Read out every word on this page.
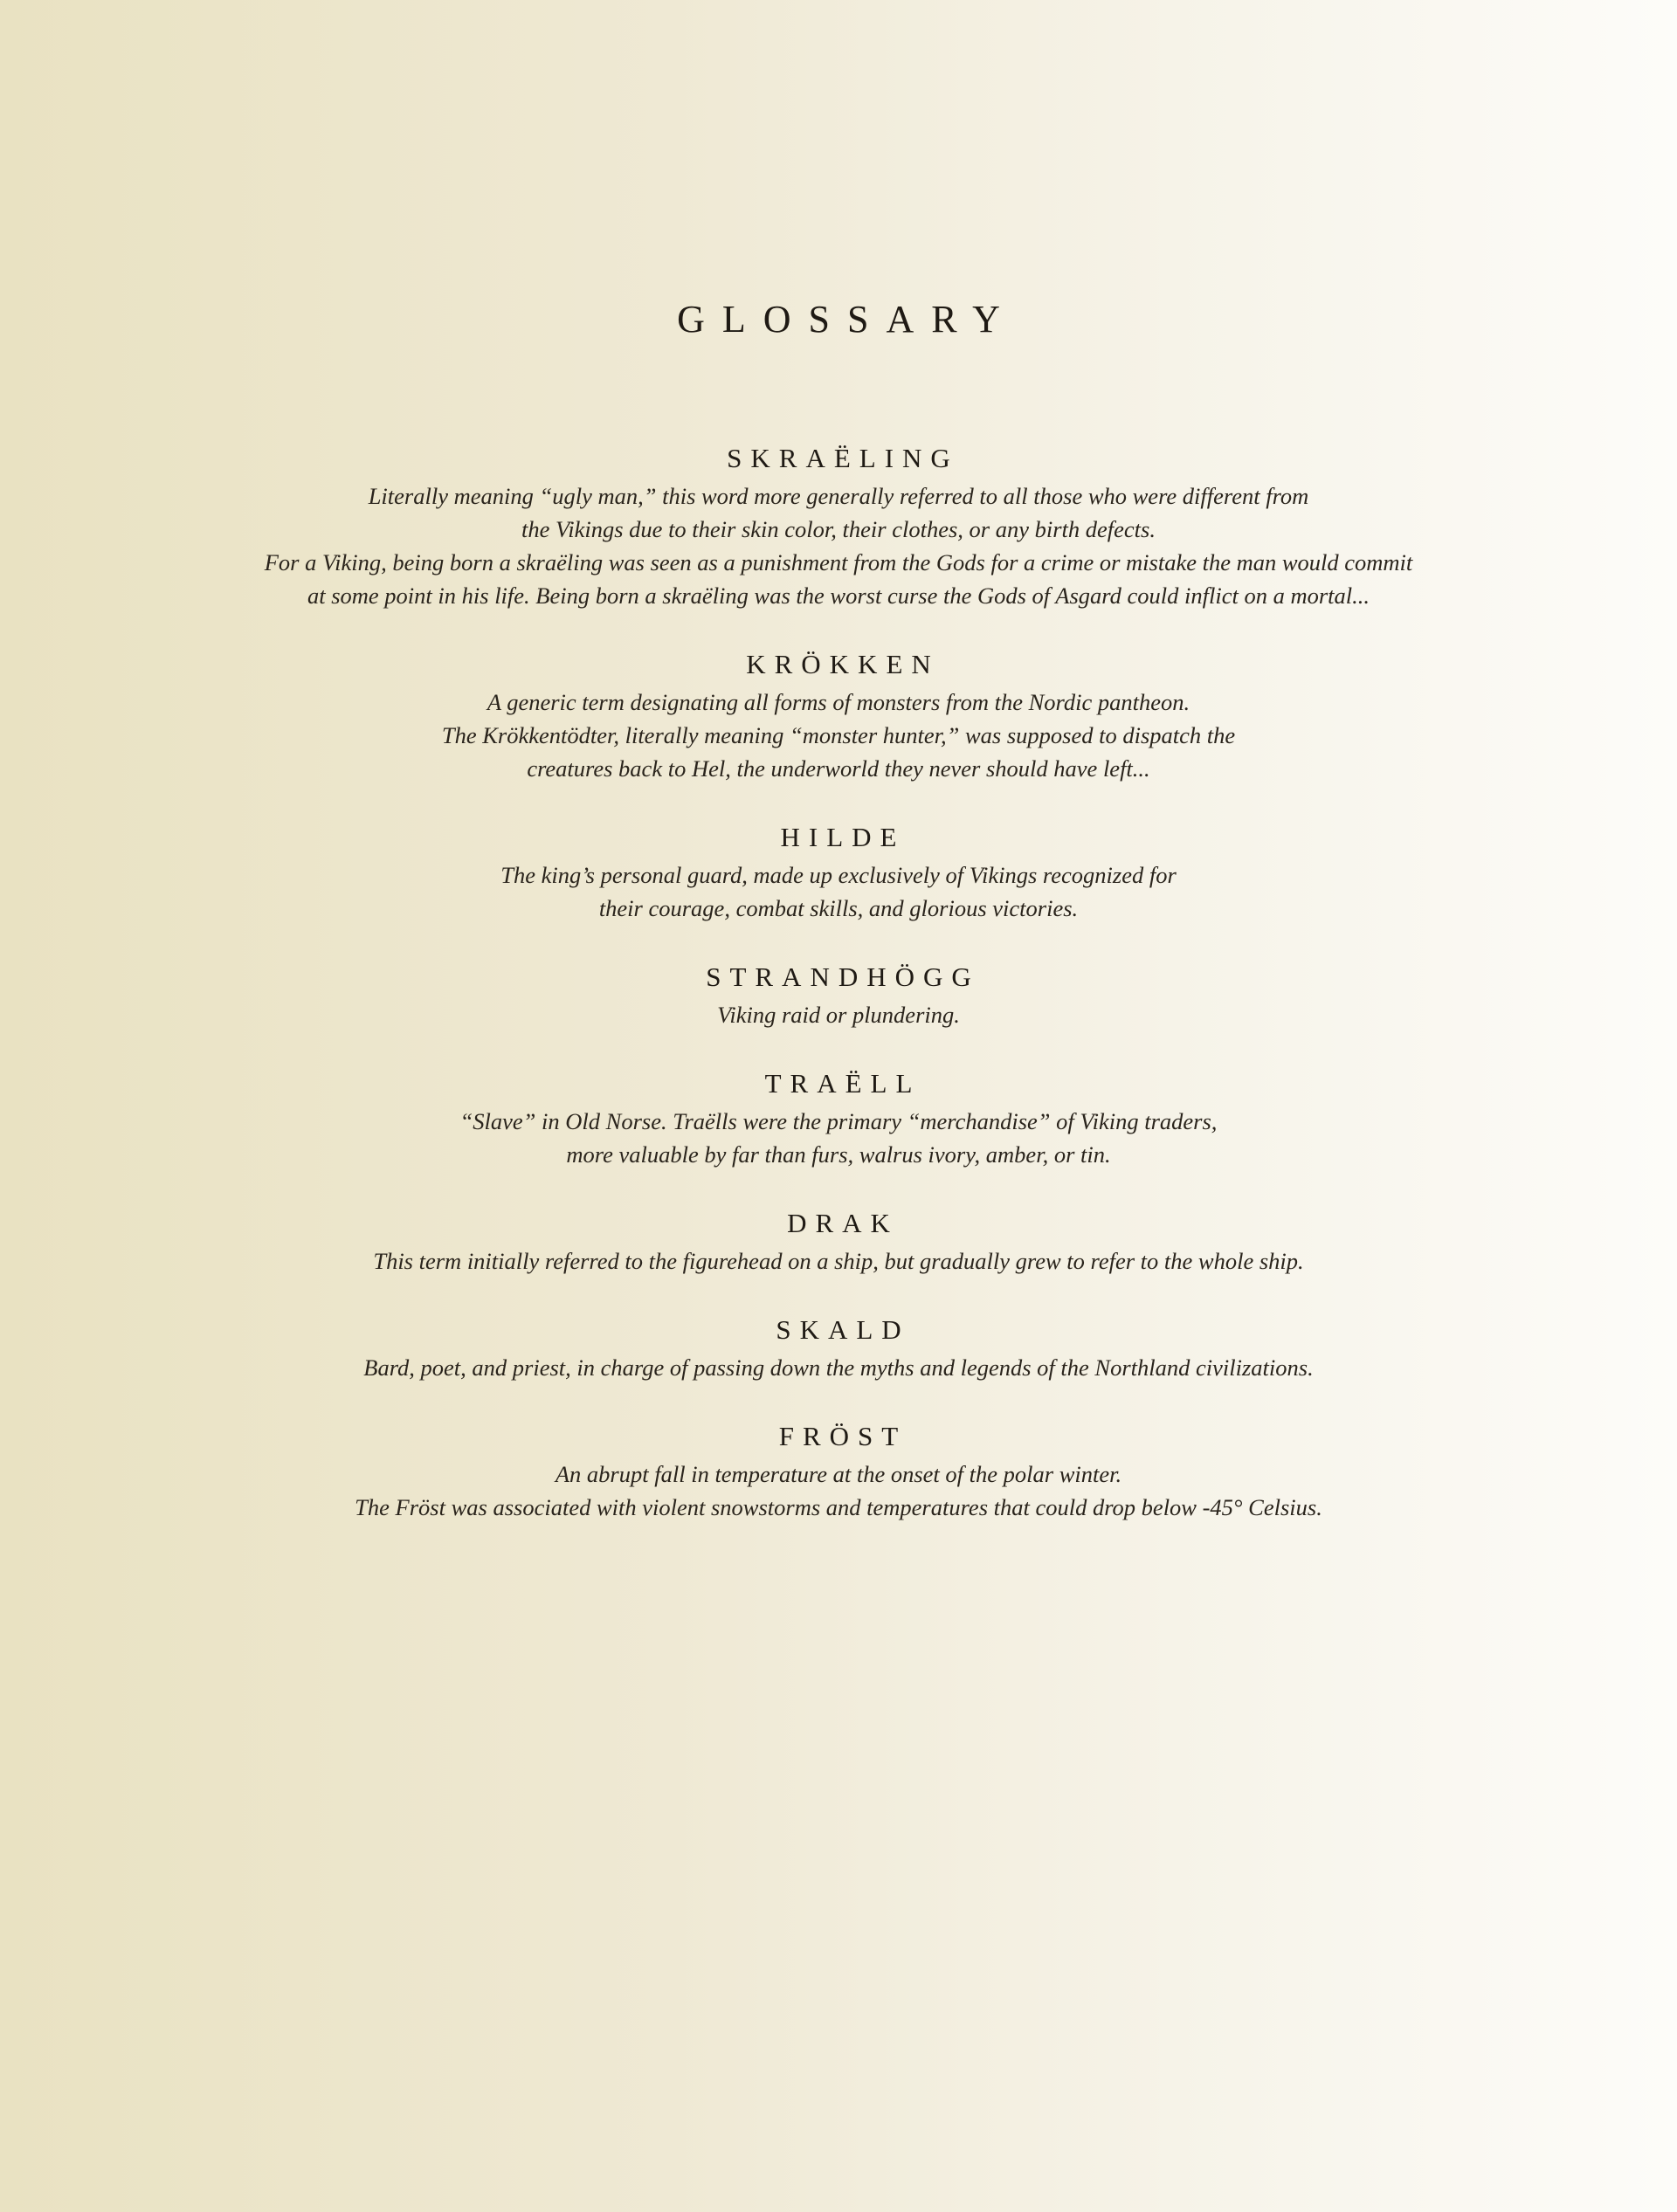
GLOSSARY
SKRAËLING
Literally meaning “ugly man,” this word more generally referred to all those who were different from
the Vikings due to their skin color, their clothes, or any birth defects.
For a Viking, being born a skraëling was seen as a punishment from the Gods for a crime or mistake the man would commit
at some point in his life. Being born a skraëling was the worst curse the Gods of Asgard could inflict on a mortal...
KRÖKKEN
A generic term designating all forms of monsters from the Nordic pantheon.
The Krökkentödter, literally meaning “monster hunter,” was supposed to dispatch the
creatures back to Hel, the underworld they never should have left...
HILDE
The king’s personal guard, made up exclusively of Vikings recognized for
their courage, combat skills, and glorious victories.
STRANDHÖGG
Viking raid or plundering.
TRAËLL
“Slave” in Old Norse. Traëlls were the primary “merchandise” of Viking traders,
more valuable by far than furs, walrus ivory, amber, or tin.
DRAK
This term initially referred to the figurehead on a ship, but gradually grew to refer to the whole ship.
SKALD
Bard, poet, and priest, in charge of passing down the myths and legends of the Northland civilizations.
FRÖST
An abrupt fall in temperature at the onset of the polar winter.
The Fröst was associated with violent snowstorms and temperatures that could drop below -45° Celsius.
